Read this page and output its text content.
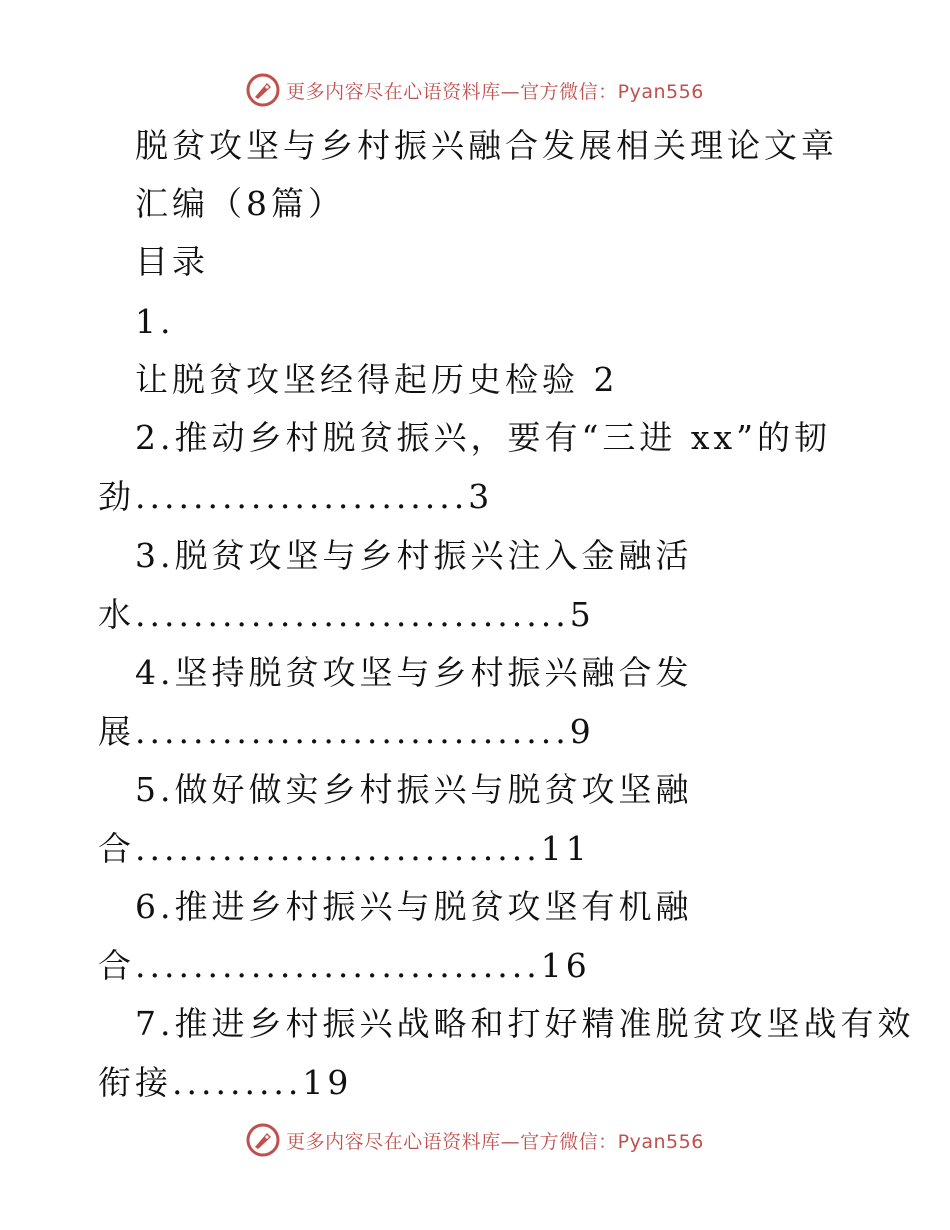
更多内容尽在心语资料库—官方微信：Pyan556
脱贫攻坚与乡村振兴融合发展相关理论文章
汇编（8篇）
目录
1.
让脱贫攻坚经得起历史检验 2
2.推动乡村脱贫振兴，要有“三进 xx”的韧
劲.......................3
3.脱贫攻坚与乡村振兴注入金融活
水..............................5
4.坚持脱贫攻坚与乡村振兴融合发
展..............................9
5.做好做实乡村振兴与脱贫攻坚融
合............................11
6.推进乡村振兴与脱贫攻坚有机融
合............................16
7.推进乡村振兴战略和打好精准脱贫攻坚战有效
衔接.........19
更多内容尽在心语资料库—官方微信：Pyan556
